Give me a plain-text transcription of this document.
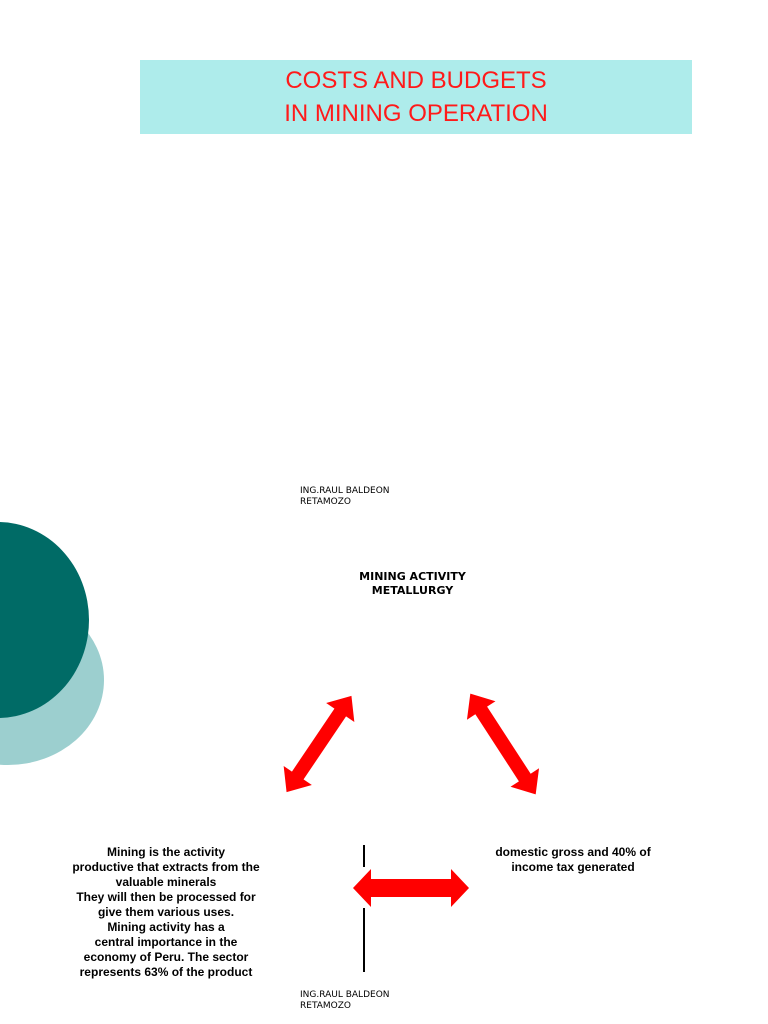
COSTS AND BUDGETS
IN MINING OPERATION
ING.RAUL BALDEON
RETAMOZO
MINING ACTIVITY
METALLURGY
Mining is the activity
productive that extracts from the
valuable minerals
They will then be processed for
give them various uses.
Mining activity has a
central importance in the
economy of Peru. The sector
represents 63% of the product
domestic gross and 40% of
income tax generated
ING.RAUL BALDEON
RETAMOZO
